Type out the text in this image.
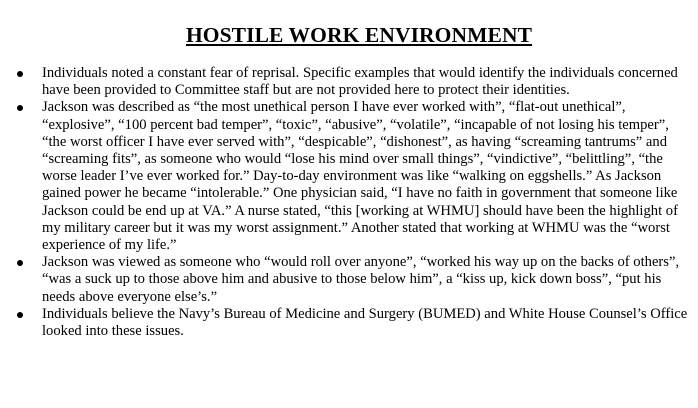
HOSTILE WORK ENVIRONMENT
Individuals noted a constant fear of reprisal. Specific examples that would identify the individuals concerned have been provided to Committee staff but are not provided here to protect their identities.
Jackson was described as “the most unethical person I have ever worked with”, “flat-out unethical”, “explosive”, “100 percent bad temper”, “toxic”, “abusive”, “volatile”, “incapable of not losing his temper”, “the worst officer I have ever served with”, “despicable”, “dishonest”, as having “screaming tantrums” and “screaming fits”, as someone who would “lose his mind over small things”, “vindictive”, “belittling”, “the worse leader I’ve ever worked for.” Day-to-day environment was like “walking on eggshells.” As Jackson gained power he became “intolerable.” One physician said, “I have no faith in government that someone like Jackson could be end up at VA.” A nurse stated, “this [working at WHMU] should have been the highlight of my military career but it was my worst assignment.” Another stated that working at WHMU was the “worst experience of my life.”
Jackson was viewed as someone who “would roll over anyone”, “worked his way up on the backs of others”, “was a suck up to those above him and abusive to those below him”, a “kiss up, kick down boss”, “put his needs above everyone else’s.”
Individuals believe the Navy’s Bureau of Medicine and Surgery (BUMED) and White House Counsel’s Office looked into these issues.
